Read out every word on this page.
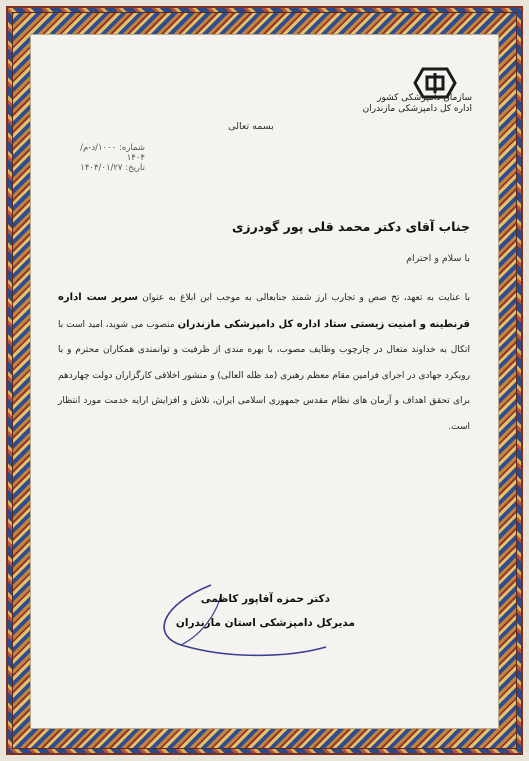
سازمان دامپزشکی کشور
اداره کل دامپزشکی مازندران
بسمه تعالی
شماره: ۱۰۰۰/د-م/۱۴۰۴
تاریخ: ۱۴۰۴/۰۱/۲۷
جناب آقای دکتر محمد قلی پور گودرزی
با سلام و احترام
با عنایت به تعهد، تخ صص و تجارب ارز شمند جنابعالی به موجب این ابلاغ به عنوان سرپر ست اداره قرنطینه و امنیت زیستی ستاد اداره کل دامپزشکی مازندران منصوب می شوید، امید است با اتکال به خداوند متعال در چارچوب وظایف مصوب، با بهره مندی از ظرفیت و توانمندی همکاران محترم و با رویکرد جهادی در اجرای فرامین مقام معظم رهبری (مد ظله العالی) و منشور اخلاقی کارگزاران دولت چهاردهم برای تحقق اهداف و آرمان های نظام مقدس جمهوری اسلامی ایران، تلاش و افزایش ارایه خدمت مورد انتظار است.
دکتر حمزه آقاپور کاظمی
مدیرکل دامپزشکی استان مازندران
